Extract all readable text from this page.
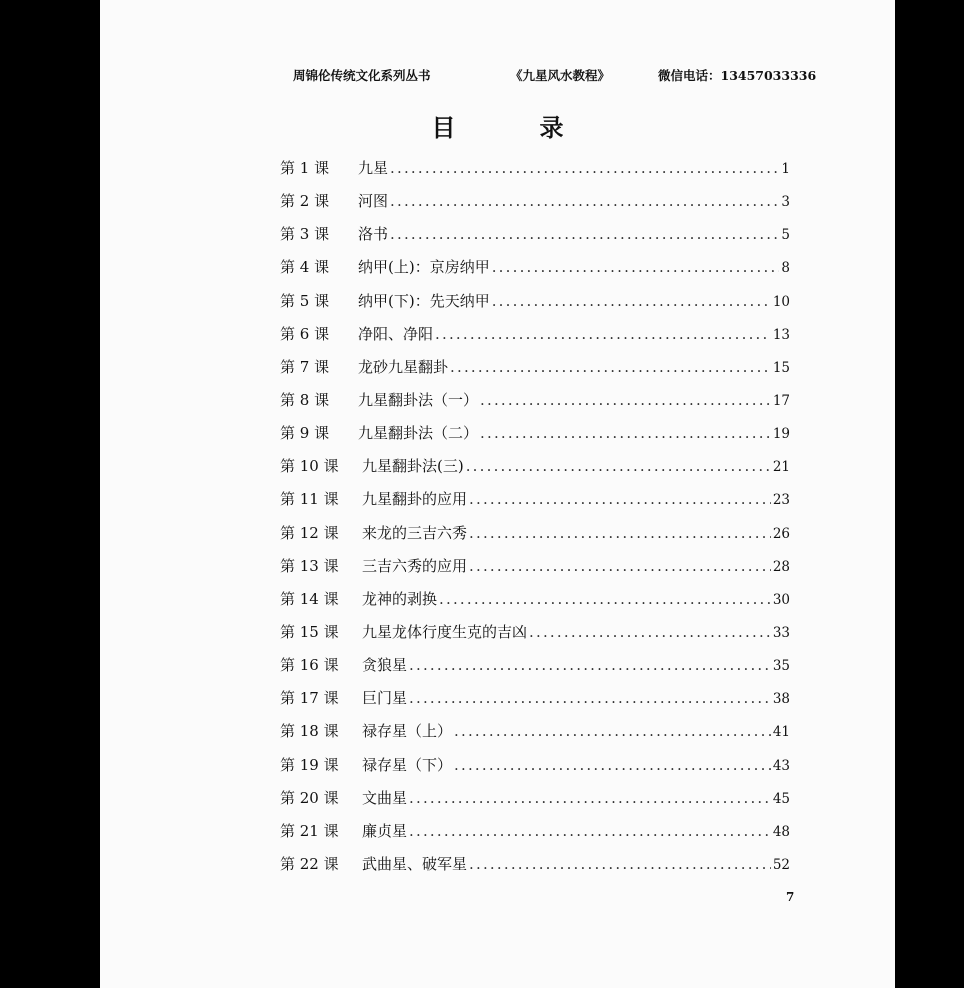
周锦伦传统文化系列丛书	《九星风水教程》	微信电话：13457033336
目　录
第 1 课	九星 .....	1
第 2 课	河图 .....	3
第 3 课	洛书 .....	5
第 4 课	纳甲(上)：京房纳甲 .....	8
第 5 课	纳甲(下)：先天纳甲 .....	10
第 6 课	净阳、净阳 .....	13
第 7 课	龙砂九星翻卦 .....	15
第 8 课	九星翻卦法（一） .....	17
第 9 课	九星翻卦法（二） .....	19
第 10 课	九星翻卦法(三) .....	21
第 11 课	九星翻卦的应用 .....	23
第 12 课	来龙的三吉六秀 .....	26
第 13 课	三吉六秀的应用 .....	28
第 14 课	龙神的剥换 .....	30
第 15 课	九星龙体行度生克的吉凶 .....	33
第 16 课	贪狼星 .....	35
第 17 课	巨门星 .....	38
第 18 课	禄存星（上） .....	41
第 19 课	禄存星（下） .....	43
第 20 课	文曲星 .....	45
第 21 课	廉贞星 .....	48
第 22 课	武曲星、破军星 .....	52
7
